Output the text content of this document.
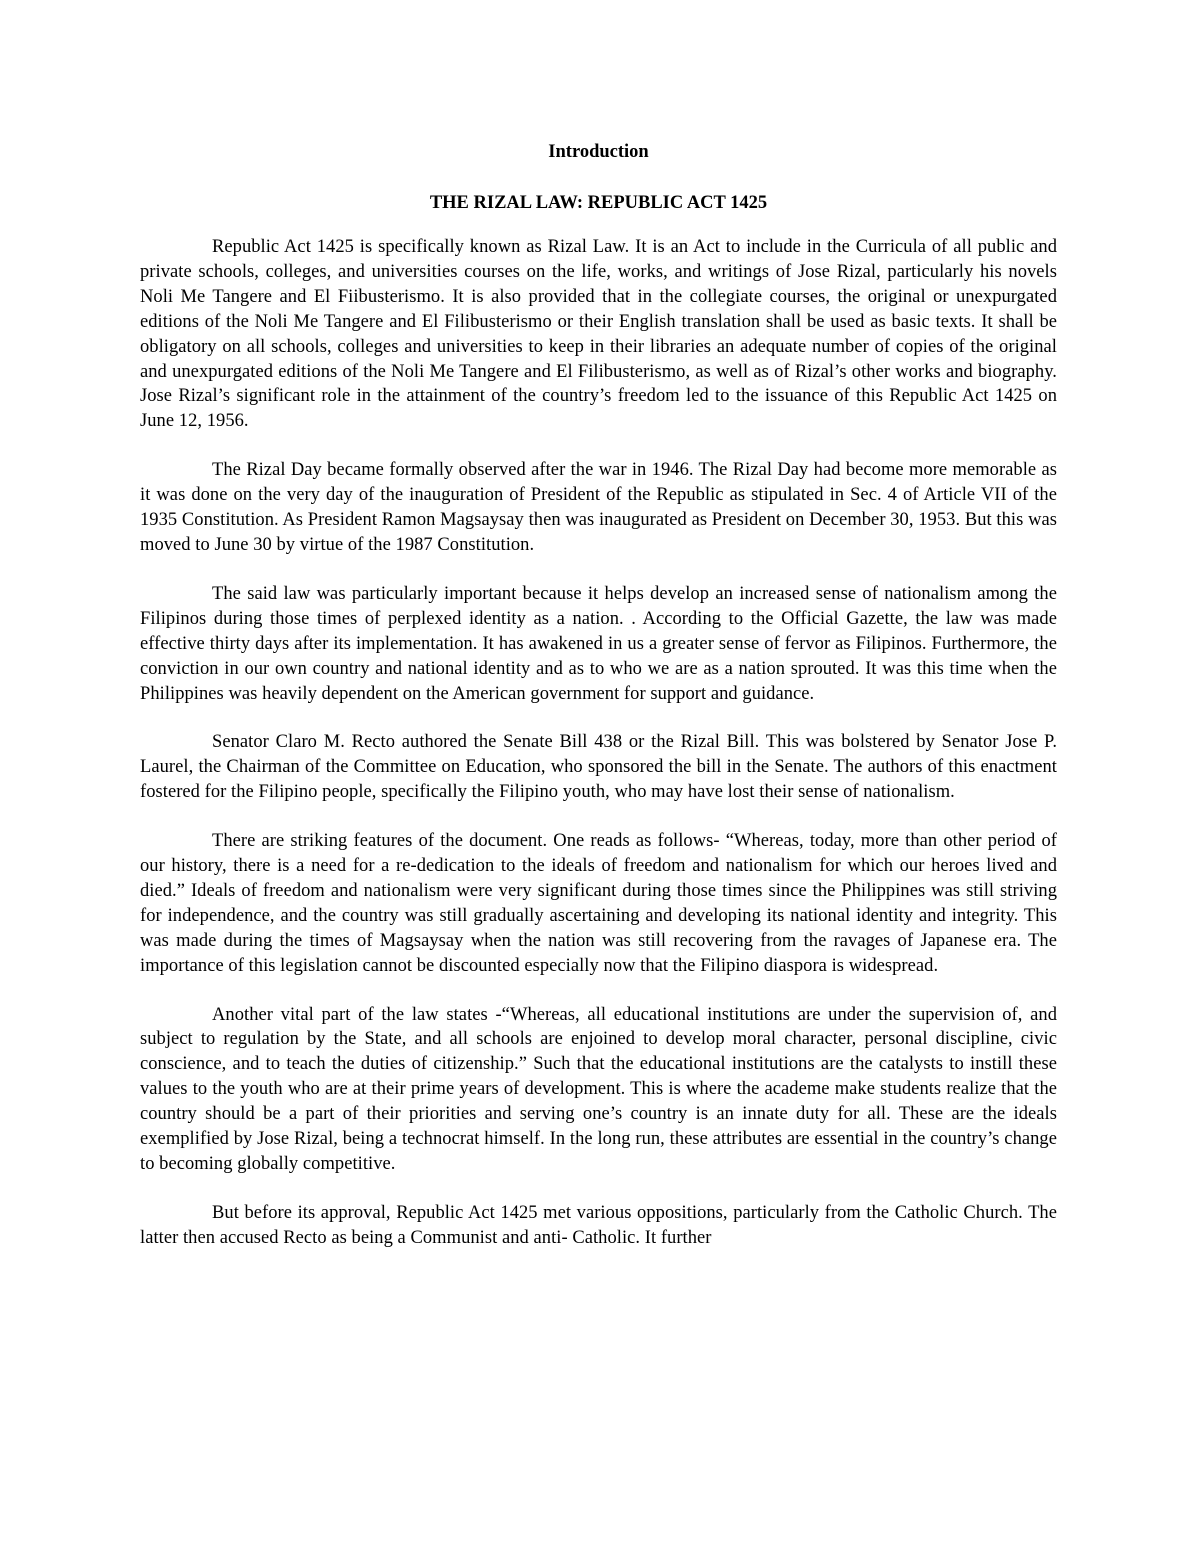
Introduction
THE RIZAL LAW: REPUBLIC ACT 1425

Republic Act 1425 is specifically known as Rizal Law. It is an Act to include in the Curricula of all public and private schools, colleges, and universities courses on the life, works, and writings of Jose Rizal, particularly his novels Noli Me Tangere and El Fiibusterismo. It is also provided that in the collegiate courses, the original or unexpurgated editions of the Noli Me Tangere and El Filibusterismo or their English translation shall be used as basic texts. It shall be obligatory on all schools, colleges and universities to keep in their libraries an adequate number of copies of the original and unexpurgated editions of the Noli Me Tangere and El Filibusterismo, as well as of Rizal’s other works and biography. Jose Rizal’s significant role in the attainment of the country’s freedom led to the issuance of this Republic Act 1425 on June 12, 1956.

The Rizal Day became formally observed after the war in 1946. The Rizal Day had become more memorable as it was done on the very day of the inauguration of President of the Republic as stipulated in Sec. 4 of Article VII of the 1935 Constitution. As President Ramon Magsaysay then was inaugurated as President on December 30, 1953. But this was moved to June 30 by virtue of the 1987 Constitution.

The said law was particularly important because it helps develop an increased sense of nationalism among the Filipinos during those times of perplexed identity as a nation. . According to the Official Gazette, the law was made effective thirty days after its implementation. It has awakened in us a greater sense of fervor as Filipinos. Furthermore, the conviction in our own country and national identity and as to who we are as a nation sprouted. It was this time when the Philippines was heavily dependent on the American government for support and guidance.

Senator Claro M. Recto authored the Senate Bill 438 or the Rizal Bill. This was bolstered by Senator Jose P. Laurel, the Chairman of the Committee on Education, who sponsored the bill in the Senate. The authors of this enactment fostered for the Filipino people, specifically the Filipino youth, who may have lost their sense of nationalism.

There are striking features of the document. One reads as follows- “Whereas, today, more than other period of our history, there is a need for a re-dedication to the ideals of freedom and nationalism for which our heroes lived and died.” Ideals of freedom and nationalism were very significant during those times since the Philippines was still striving for independence, and the country was still gradually ascertaining and developing its national identity and integrity. This was made during the times of Magsaysay when the nation was still recovering from the ravages of Japanese era. The importance of this legislation cannot be discounted especially now that the Filipino diaspora is widespread.

Another vital part of the law states -“Whereas, all educational institutions are under the supervision of, and subject to regulation by the State, and all schools are enjoined to develop moral character, personal discipline, civic conscience, and to teach the duties of citizenship.” Such that the educational institutions are the catalysts to instill these values to the youth who are at their prime years of development. This is where the academe make students realize that the country should be a part of their priorities and serving one’s country is an innate duty for all. These are the ideals exemplified by Jose Rizal, being a technocrat himself. In the long run, these attributes are essential in the country’s change to becoming globally competitive.

But before its approval, Republic Act 1425 met various oppositions, particularly from the Catholic Church. The latter then accused Recto as being a Communist and anti- Catholic. It further
